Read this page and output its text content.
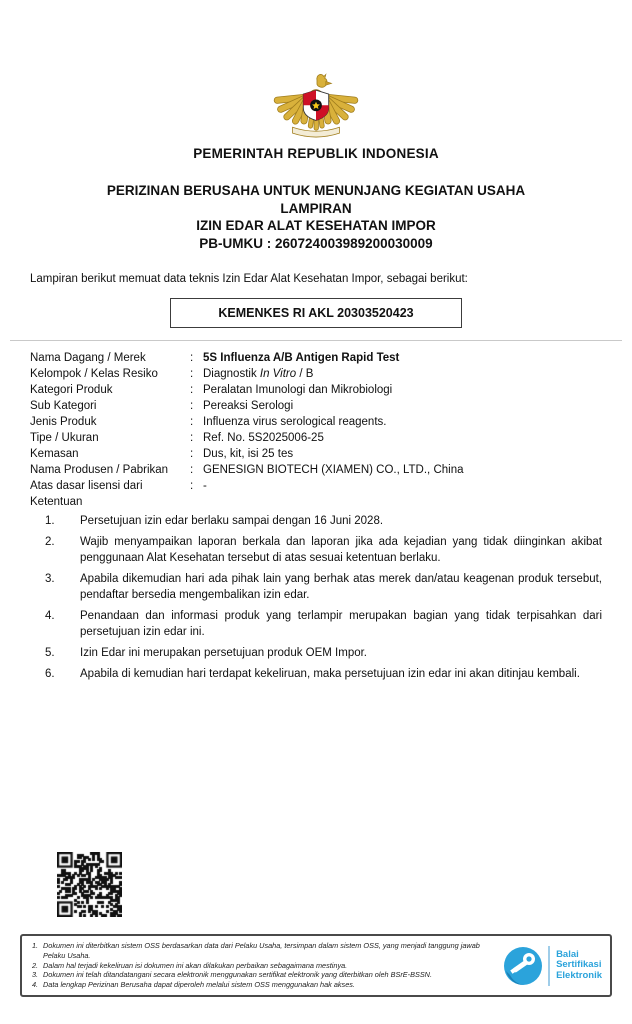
PEMERINTAH REPUBLIK INDONESIA
PERIZINAN BERUSAHA UNTUK MENUNJANG KEGIATAN USAHA
LAMPIRAN
IZIN EDAR ALAT KESEHATAN IMPOR
PB-UMKU : 260724003989200030009
Lampiran berikut memuat data teknis Izin Edar Alat Kesehatan Impor, sebagai berikut:
KEMENKES RI AKL 20303520423
Nama Dagang / Merek	: 5S Influenza A/B Antigen Rapid Test
Kelompok / Kelas Resiko	: Diagnostik In Vitro / B
Kategori Produk	: Peralatan Imunologi dan Mikrobiologi
Sub Kategori	: Pereaksi Serologi
Jenis Produk	: Influenza virus serological reagents.
Tipe / Ukuran	: Ref. No. 5S2025006-25
Kemasan	: Dus, kit, isi 25 tes
Nama Produsen / Pabrikan	: GENESIGN BIOTECH (XIAMEN) CO., LTD., China
Atas dasar lisensi dari	: -
Ketentuan
1.	Persetujuan izin edar berlaku sampai dengan 16 Juni 2028.
2.	Wajib menyampaikan laporan berkala dan laporan jika ada kejadian yang tidak diinginkan akibat penggunaan Alat Kesehatan tersebut di atas sesuai ketentuan berlaku.
3.	Apabila dikemudian hari ada pihak lain yang berhak atas merek dan/atau keagenan produk tersebut, pendaftar bersedia mengembalikan izin edar.
4.	Penandaan dan informasi produk yang terlampir merupakan bagian yang tidak terpisahkan dari persetujuan izin edar ini.
5.	Izin Edar ini merupakan persetujuan produk OEM Impor.
6.	Apabila di kemudian hari terdapat kekeliruan, maka persetujuan izin edar ini akan ditinjau kembali.
1. Dokumen ini diterbitkan sistem OSS berdasarkan data dari Pelaku Usaha, tersimpan dalam sistem OSS, yang menjadi tanggung jawab Pelaku Usaha.
2. Dalam hal terjadi kekeliruan isi dokumen ini akan dilakukan perbaikan sebagaimana mestinya.
3. Dokumen ini telah ditandatangani secara elektronik menggunakan sertifikat elektronik yang diterbitkan oleh BSrE-BSSN.
4. Data lengkap Perizinan Berusaha dapat diperoleh melalui sistem OSS menggunakan hak akses.
Balai
Sertifikasi
Elektronik
